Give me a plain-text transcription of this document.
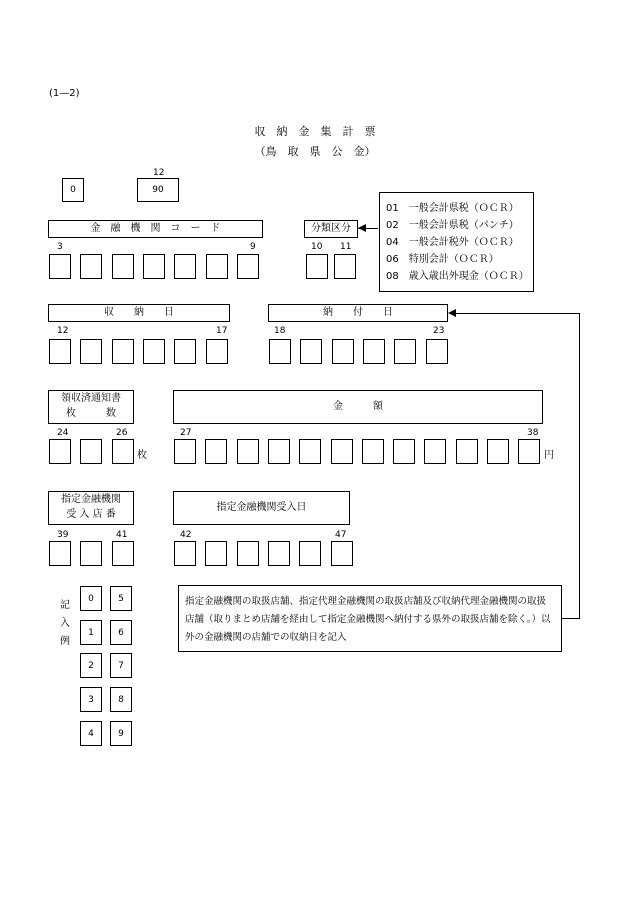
(1—2)
収　納　金　集　計　票
（鳥　取　県　公　金）
12
0	90
金　融　機　関　コ　ー　ド
3	9
分類区分
10 11
01　一般会計県税（ＯＣＲ）
02　一般会計県税（パンチ）
04　一般会計税外（ＯＣＲ）
06　特別会計（ＯＣＲ）
08　歳入歳出外現金（ＯＣＲ）
収　　納　　日
12	17
納　　付　　日
18	23
領収済通知書
枚　　　数
24	26
枚
金　　　額
27	38
円
指定金融機関
受 入 店 番
39	41
指定金融機関受入日
42	47
記
入
例
0	5
1	6
2	7
3	8
4	9
指定金融機関の取扱店舗、指定代理金融機関の取扱店舗及び収納代理金融機関の取扱店舗（取りまとめ店舗を経由して指定金融機関へ納付する県外の取扱店舗を除く。）以外の金融機関の店舗での収納日を記入
